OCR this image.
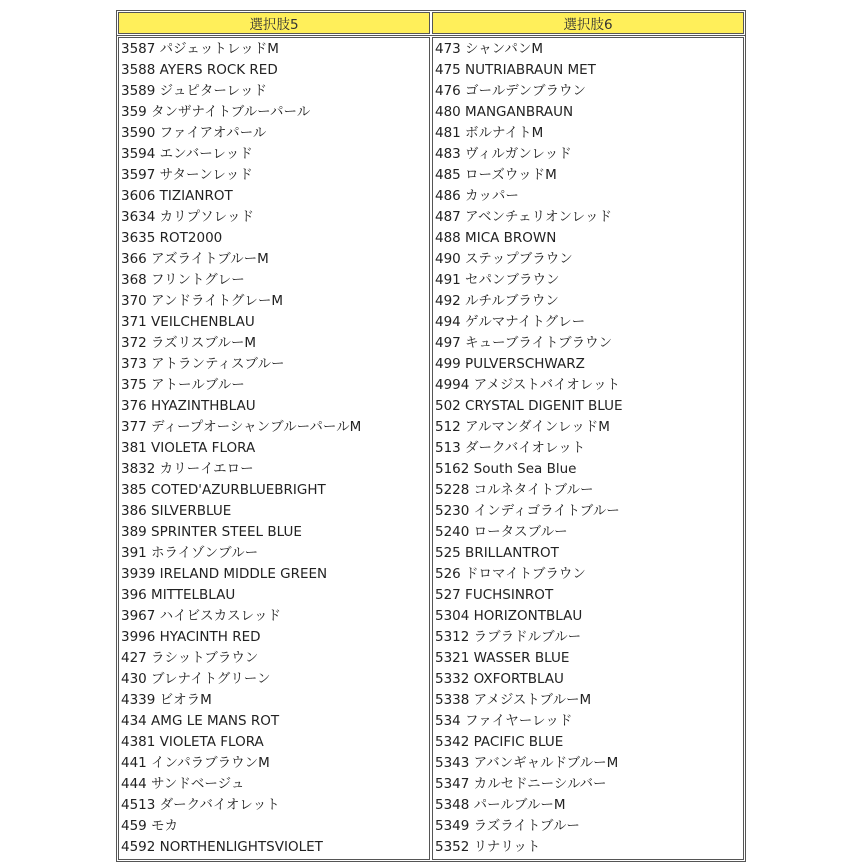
選択肢5	選択肢6
3587 パジェットレッドM
3588 AYERS ROCK RED
3589 ジュピターレッド
359 タンザナイトブルーパール
3590 ファイアオパール
3594 エンバーレッド
3597 サターンレッド
3606 TIZIANROT
3634 カリプソレッド
3635 ROT2000
366 アズライトブルーM
368 フリントグレー
370 アンドライトグレーM
371 VEILCHENBLAU
372 ラズリスブルーM
373 アトランティスブルー
375 アトールブルー
376 HYAZINTHBLAU
377 ディープオーシャンブルーパールM
381 VIOLETA FLORA
3832 カリーイエロー
385 COTED'AZURBLUEBRIGHT
386 SILVERBLUE
389 SPRINTER STEEL BLUE
391 ホライゾンブルー
3939 IRELAND MIDDLE GREEN
396 MITTELBLAU
3967 ハイビスカスレッド
3996 HYACINTH RED
427 ラシットブラウン
430 ブレナイトグリーン
4339 ビオラM
434 AMG LE MANS ROT
4381 VIOLETA FLORA
441 インパラブラウンM
444 サンドベージュ
4513 ダークバイオレット
459 モカ
4592 NORTHENLIGHTSVIOLET
473 シャンパンM
475 NUTRIABRAUN MET
476 ゴールデンブラウン
480 MANGANBRAUN
481 ボルナイトM
483 ヴィルガンレッド
485 ローズウッドM
486 カッパー
487 アベンチェリオンレッド
488 MICA BROWN
490 ステップブラウン
491 セパンブラウン
492 ルチルブラウン
494 ゲルマナイトグレー
497 キューブライトブラウン
499 PULVERSCHWARZ
4994 アメジストバイオレット
502 CRYSTAL DIGENIT BLUE
512 アルマンダインレッドM
513 ダークバイオレット
5162 South Sea Blue
5228 コルネタイトブルー
5230 インディゴライトブルー
5240 ロータスブルー
525 BRILLANTROT
526 ドロマイトブラウン
527 FUCHSINROT
5304 HORIZONTBLAU
5312 ラブラドルブルー
5321 WASSER BLUE
5332 OXFORTBLAU
5338 アメジストブルーM
534 ファイヤーレッド
5342 PACIFIC BLUE
5343 アバンギャルドブルーM
5347 カルセドニーシルバー
5348 パールブルーM
5349 ラズライトブルー
5352 リナリット
